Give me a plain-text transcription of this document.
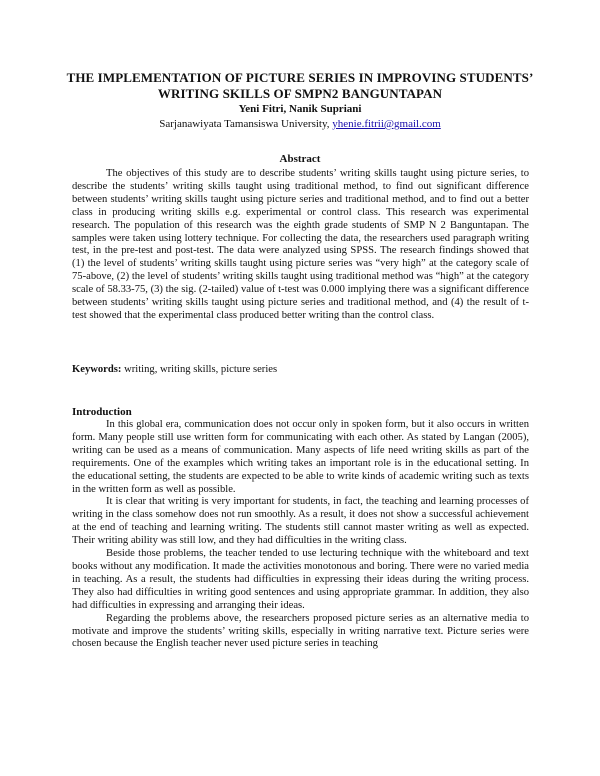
THE IMPLEMENTATION OF PICTURE SERIES IN IMPROVING STUDENTS’ WRITING SKILLS OF SMPN2 BANGUNTAPAN
Yeni Fitri, Nanik Supriani
Sarjanawiyata Tamansiswa University, yhenie.fitrii@gmail.com
Abstract

The objectives of this study are to describe students’ writing skills taught using picture series, to describe the students’ writing skills taught using traditional method, to find out significant difference between students’ writing skills taught using picture series and traditional method, and to find out a better class in producing writing skills e.g. experimental or control class. This research was experimental research. The population of this research was the eighth grade students of SMP N 2 Banguntapan. The samples were taken using lottery technique. For collecting the data, the researchers used paragraph writing test, in the pre-test and post-test. The data were analyzed using SPSS. The research findings showed that (1) the level of students’ writing skills taught using picture series was “very high” at the category scale of 75-above, (2) the level of students’ writing skills taught using traditional method was “high” at the category scale of 58.33-75, (3) the sig. (2-tailed) value of t-test was 0.000 implying there was a significant difference between students’ writing skills taught using picture series and traditional method, and (4) the result of t-test showed that the experimental class produced better writing than the control class.

Keywords: writing, writing skills, picture series

Introduction

In this global era, communication does not occur only in spoken form, but it also occurs in written form. Many people still use written form for communicating with each other. As stated by Langan (2005), writing can be used as a means of communication. Many aspects of life need writing skills as part of the requirements. One of the examples which writing takes an important role is in the educational setting. In the educational setting, the students are expected to be able to write kinds of academic writing such as texts in the written form as well as possible.

It is clear that writing is very important for students, in fact, the teaching and learning processes of writing in the class somehow does not run smoothly. As a result, it does not show a successful achievement at the end of teaching and learning writing. The students still cannot master writing as well as expected. Their writing ability was still low, and they had difficulties in the writing class.

Beside those problems, the teacher tended to use lecturing technique with the whiteboard and text books without any modification. It made the activities monotonous and boring. There were no varied media in teaching. As a result, the students had difficulties in expressing their ideas during the writing process. They also had difficulties in writing good sentences and using appropriate grammar. In addition, they also had difficulties in expressing and arranging their ideas.

Regarding the problems above, the researchers proposed picture series as an alternative media to motivate and improve the students’ writing skills, especially in writing narrative text. Picture series were chosen because the English teacher never used picture series in teaching
